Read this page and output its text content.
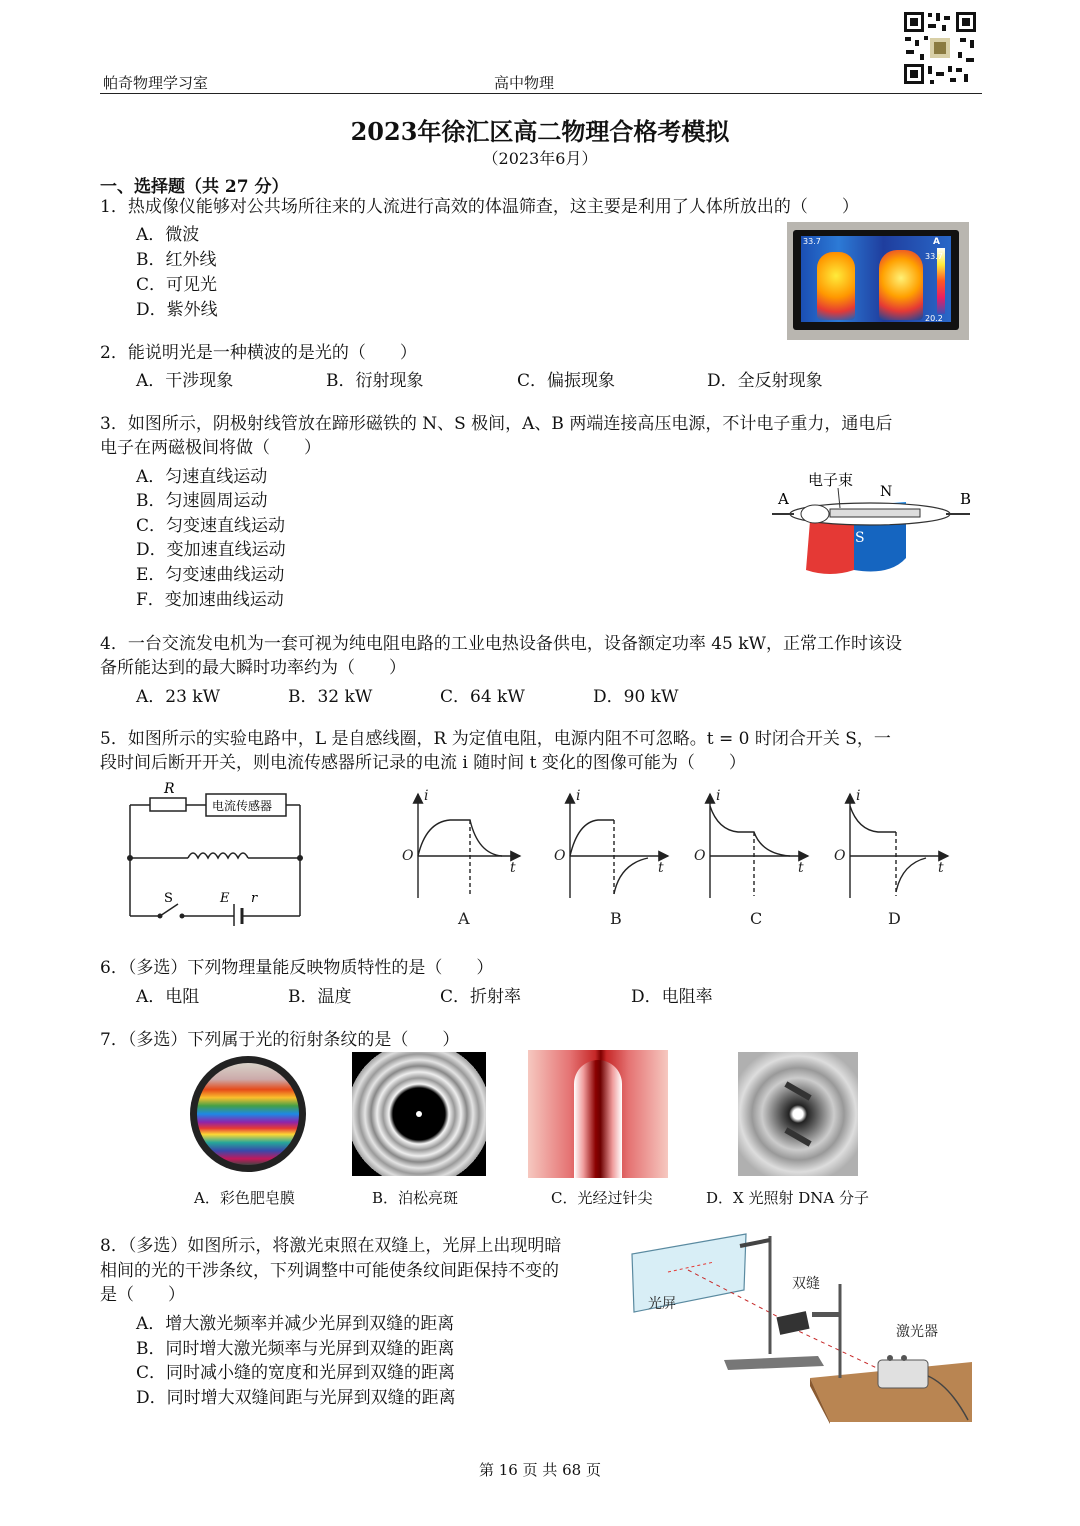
帕奇物理学习室	高中物理
2023年徐汇区高二物理合格考模拟
（2023年6月）
一、选择题（共 27 分）
1．热成像仪能够对公共场所往来的人流进行高效的体温筛查，这主要是利用了人体所放出的（　　）
A．微波
B．红外线
C．可见光
D．紫外线
33.7	A
33.7
20.2
2．能说明光是一种横波的是光的（　　）
A．干涉现象	B．衍射现象	C．偏振现象	D．全反射现象
3．如图所示，阴极射线管放在蹄形磁铁的 N、S 极间，A、B 两端连接高压电源，不计电子重力，通电后
电子在两磁极间将做（　　）
A．匀速直线运动
B．匀速圆周运动
C．匀变速直线运动
D．变加速直线运动
E．匀变速曲线运动
F．变加速曲线运动
电子束
A	B
N
S
4．一台交流发电机为一套可视为纯电阻电路的工业电热设备供电，设备额定功率 45 kW，正常工作时该设
备所能达到的最大瞬时功率约为（　　）
A．23 kW	B．32 kW	C．64 kW	D．90 kW
5．如图所示的实验电路中，L 是自感线圈，R 为定值电阻，电源内阻不可忽略。t = 0 时闭合开关 S，一
段时间后断开开关，则电流传感器所记录的电流 i 随时间 t 变化的图像可能为（　　）
R
电流传感器
S	E r
i
t
O
i
t
O
i
t
O
i
t
O
A	B	C	D
6．（多选）下列物理量能反映物质特性的是（　　）
A．电阻	B．温度	C．折射率	D．电阻率
7．（多选）下列属于光的衍射条纹的是（　　）
A．彩色肥皂膜	B．泊松亮斑	C．光经过针尖	D．X 光照射 DNA 分子
8．（多选）如图所示，将激光束照在双缝上，光屏上出现明暗
相间的光的干涉条纹，下列调整中可能使条纹间距保持不变的
是（　　）
A．增大激光频率并减少光屏到双缝的距离
B．同时增大激光频率与光屏到双缝的距离
C．同时减小缝的宽度和光屏到双缝的距离
D．同时增大双缝间距与光屏到双缝的距离
光屏
双缝
激光器
第 16 页 共 68 页
